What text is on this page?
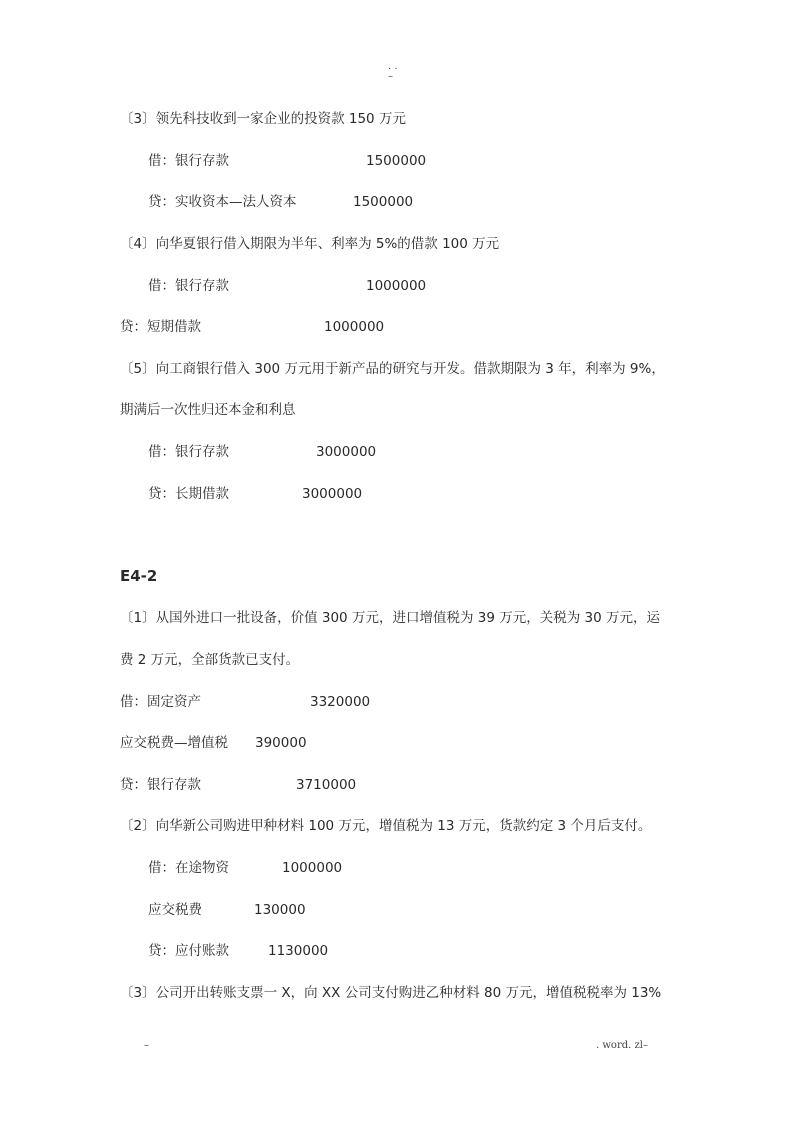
. .
–
〔3〕领先科技收到一家企业的投资款 150 万元
借：银行存款	1500000
贷：实收资本—法人资本	1500000
〔4〕向华夏银行借入期限为半年、利率为 5%的借款 100 万元
借：银行存款	1000000
贷：短期借款	1000000
〔5〕向工商银行借入 300 万元用于新产品的研究与开发。借款期限为 3 年，利率为 9%，
期满后一次性归还本金和利息
借：银行存款	3000000
贷：长期借款	3000000
E4-2
〔1〕从国外进口一批设备，价值 300 万元，进口增值税为 39 万元，关税为 30 万元，运
费 2 万元，全部货款已支付。
借：固定资产	3320000
应交税费—增值税 390000
贷：银行存款	3710000
〔2〕向华新公司购进甲种材料 100 万元，增值税为 13 万元，货款约定 3 个月后支付。
借：在途物资	1000000
应交税费	130000
贷：应付账款	1130000
〔3〕公司开出转账支票一 X，向 XX 公司支付购进乙种材料 80 万元，增值税税率为 13%
–	. word. zl–
